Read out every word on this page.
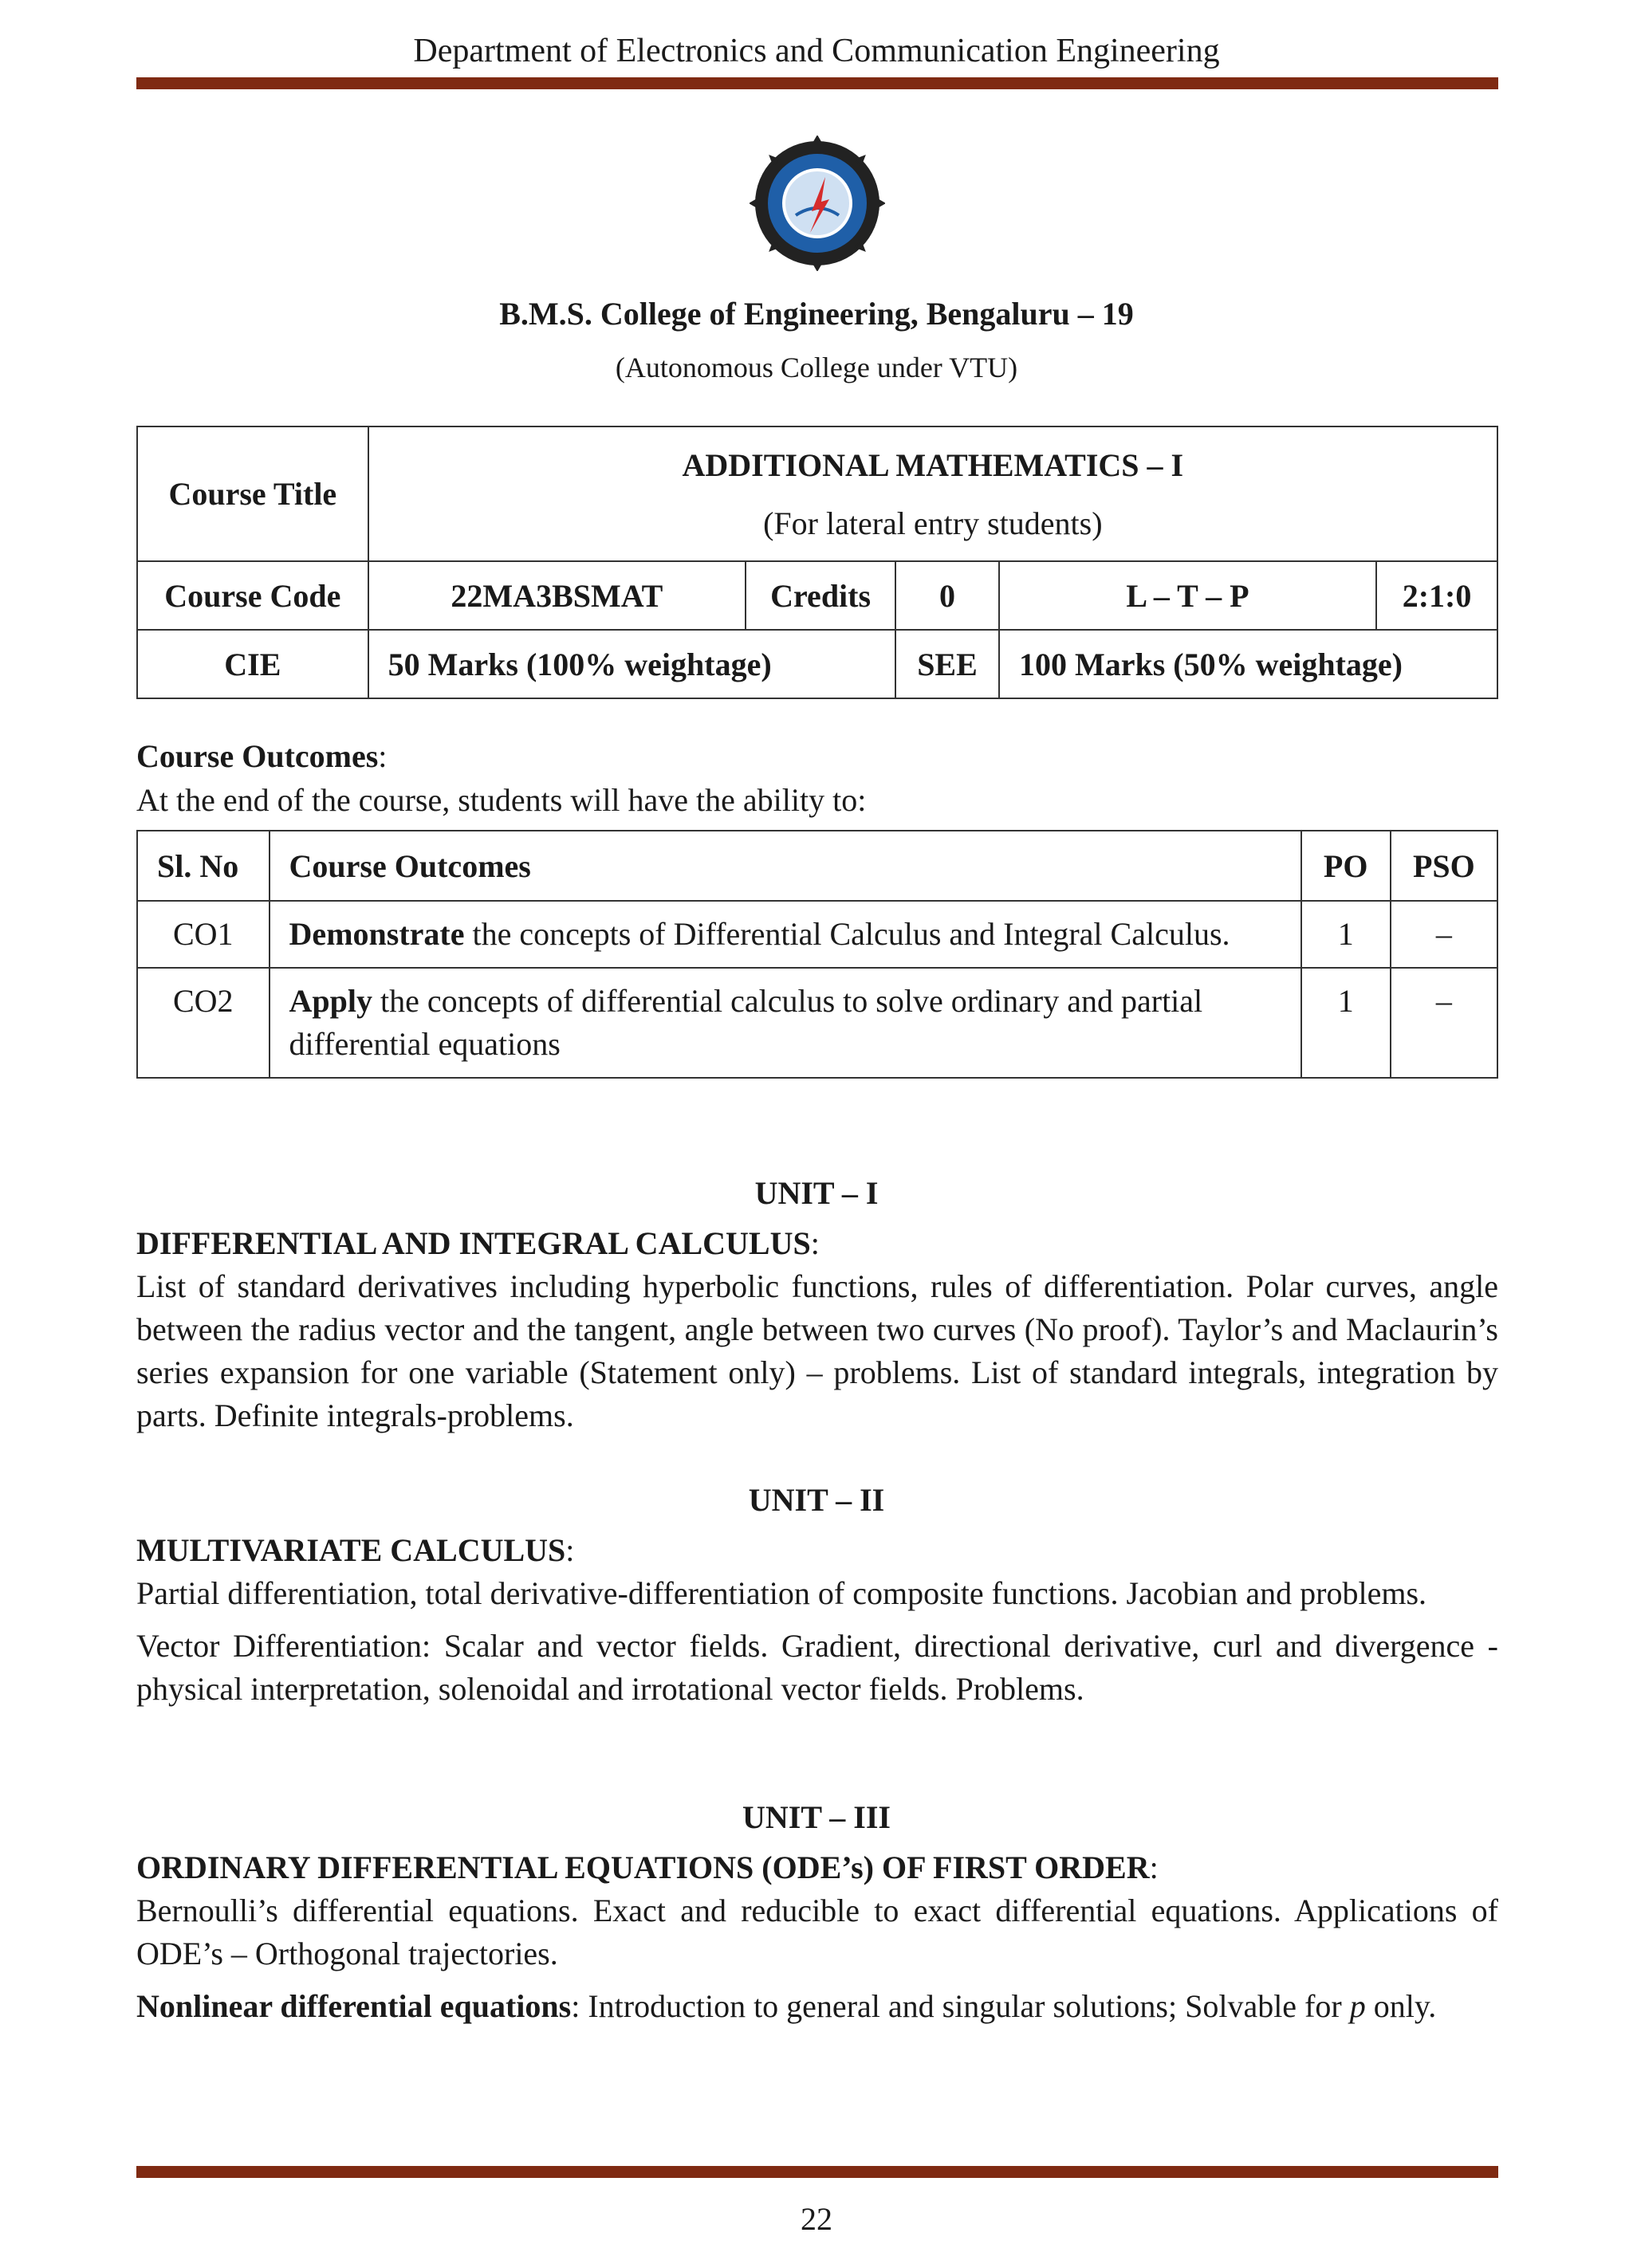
Department of Electronics and Communication Engineering
B.M.S. College of Engineering, Bengaluru – 19
(Autonomous College under VTU)
Course Title	ADDITIONAL MATHEMATICS – I
(For lateral entry students)				

Course Code	22MA3BSMAT	Credits	0	L – T – P	2:1:0
CIE	50 Marks (100% weightage)		SEE	100 Marks (50% weightage)	
Course Outcomes:
At the end of the course, students will have the ability to:
Sl. No	Course Outcomes	PO	PSO
CO1	Demonstrate the concepts of Differential Calculus and Integral Calculus.	1	–
CO2	Apply the concepts of differential calculus to solve ordinary and partial differential equations	1	–
UNIT – I
DIFFERENTIAL AND INTEGRAL CALCULUS:
List of standard derivatives including hyperbolic functions, rules of differentiation. Polar curves, angle between the radius vector and the tangent, angle between two curves (No proof). Taylor’s and Maclaurin’s series expansion for one variable (Statement only) – problems. List of standard integrals, integration by parts. Definite integrals-problems.
UNIT – II
MULTIVARIATE CALCULUS:
Partial differentiation, total derivative-differentiation of composite functions. Jacobian and problems.
Vector Differentiation: Scalar and vector fields. Gradient, directional derivative, curl and divergence - physical interpretation, solenoidal and irrotational vector fields. Problems.
UNIT – III
ORDINARY DIFFERENTIAL EQUATIONS (ODE’s) OF FIRST ORDER:
Bernoulli’s differential equations. Exact and reducible to exact differential equations. Applications of ODE’s – Orthogonal trajectories.
Nonlinear differential equations: Introduction to general and singular solutions; Solvable for p only.
22
